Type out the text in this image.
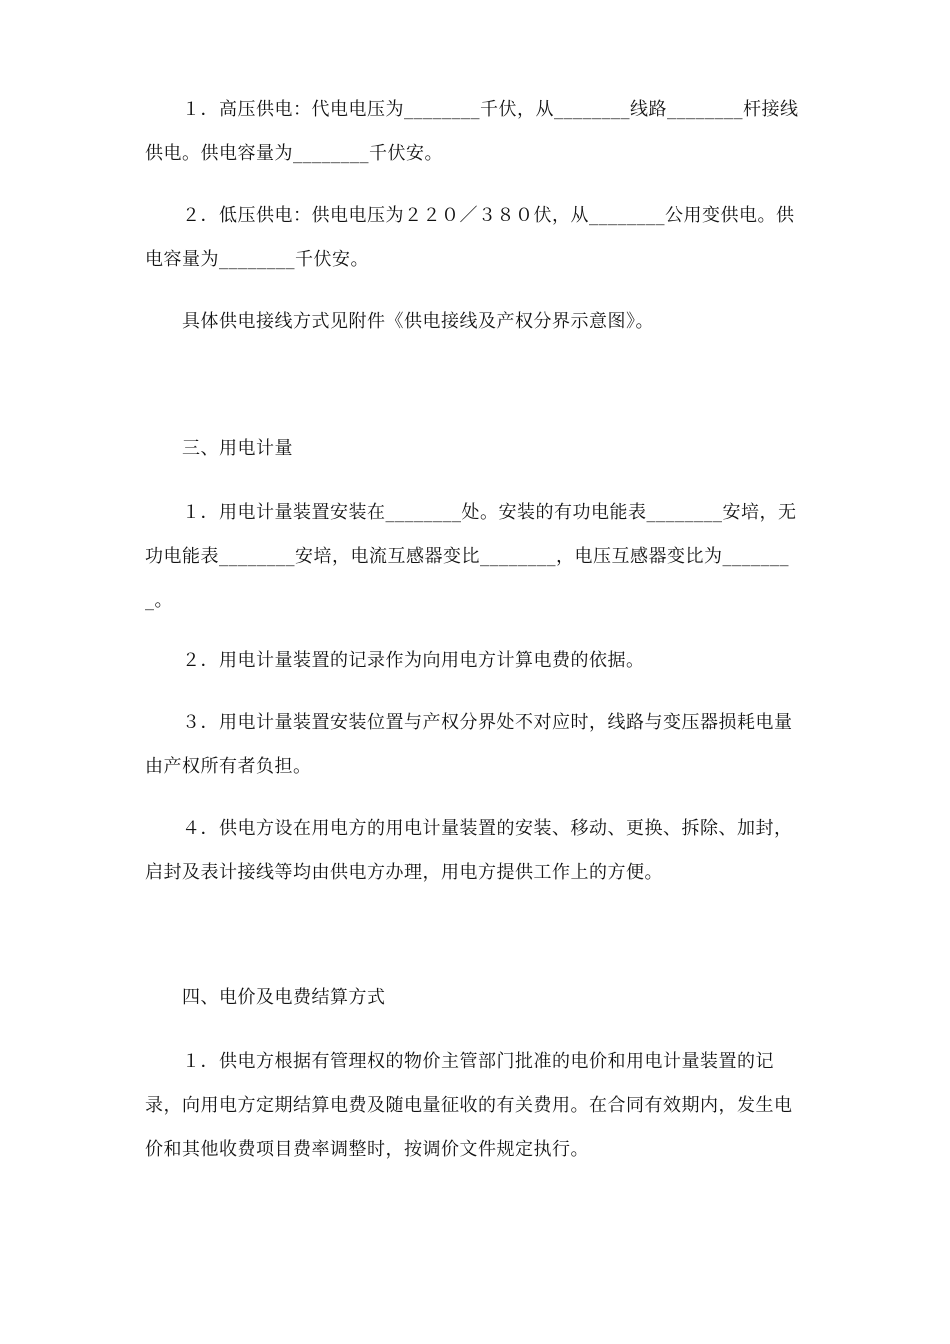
１．高压供电：代电电压为________千伏，从________线路________杆接线供电。供电容量为________千伏安。

２．低压供电：供电电压为２２０／３８０伏，从________公用变供电。供电容量为________千伏安。

具体供电接线方式见附件《供电接线及产权分界示意图》。

三、用电计量

１．用电计量装置安装在________处。安装的有功电能表________安培，无功电能表________安培，电流互感器变比________，电压互感器变比为________。

２．用电计量装置的记录作为向用电方计算电费的依据。

３．用电计量装置安装位置与产权分界处不对应时，线路与变压器损耗电量由产权所有者负担。

４．供电方设在用电方的用电计量装置的安装、移动、更换、拆除、加封，启封及表计接线等均由供电方办理，用电方提供工作上的方便。

四、电价及电费结算方式

１．供电方根据有管理权的物价主管部门批准的电价和用电计量装置的记录，向用电方定期结算电费及随电量征收的有关费用。在合同有效期内，发生电价和其他收费项目费率调整时，按调价文件规定执行。
